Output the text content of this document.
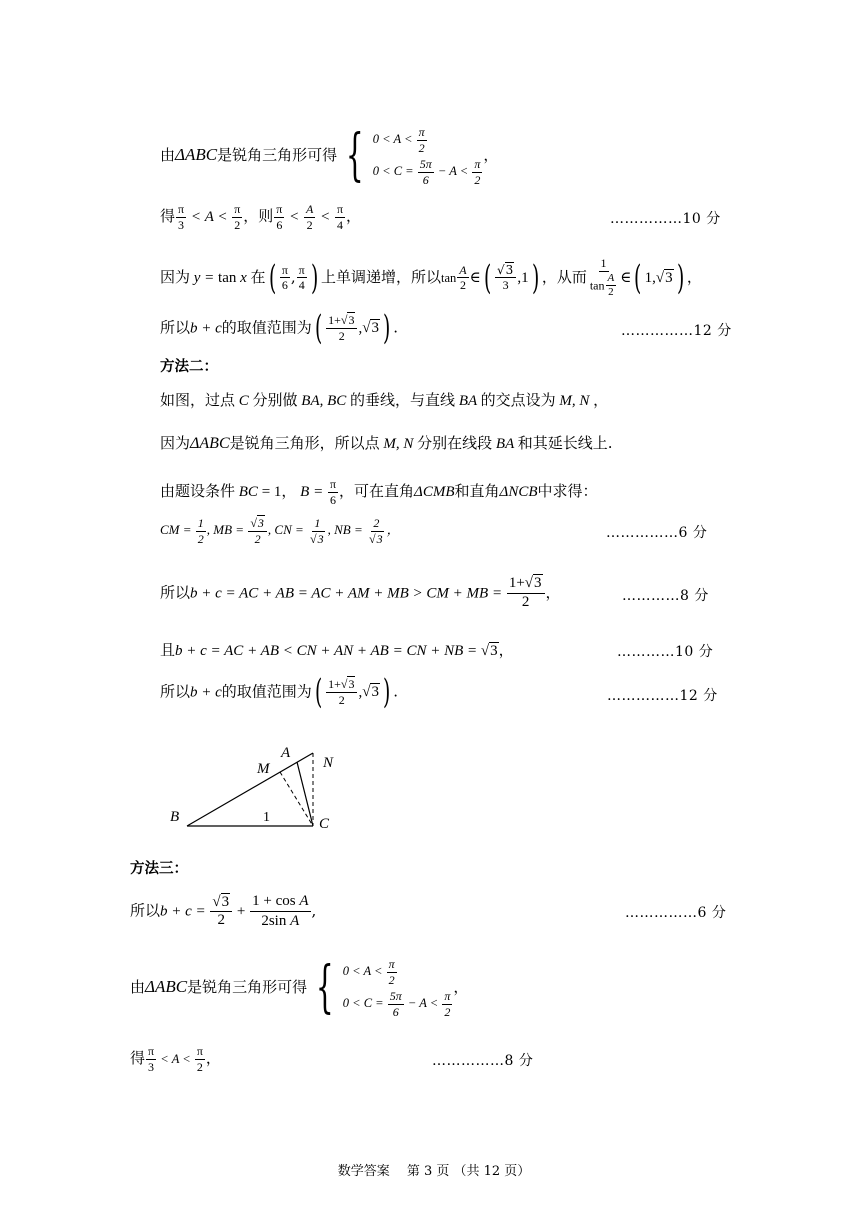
由ΔABC是锐角三角形可得 { $0 < A < \frac{\pi}{2}$
$0 < C = \frac{5\pi}{6} - A < \frac{\pi}{2}$
，
得 $\frac{\pi}{3} < A < \frac{\pi}{2}$ ，则 $\frac{\pi}{6} < \frac{A}{2} < \frac{\pi}{4}$ ，	……………10 分
因为 y = tan x 在( $\frac{\pi}{6}$ , $\frac{\pi}{4}$ ) 上单调递增，所以$\tan \frac{A}{2}$ ∈( $\frac{√3}{3} ,1$) ，从而 $\frac{1}{\tan \frac{A}{2}}$ ∈( 1,√3 ) ，
所以b + c的取值范围为( $\frac{1+√3}{2} ,√3$ ) .	……………12 分
方法二：
如图，过点 C 分别做 BA, BC 的垂线，与直线 BA 的交点设为 M, N ，
因为ΔABC是锐角三角形，所以点 M, N 分别在线段 BA 和其延长线上.
由题设条件 BC = 1， $B = \frac{\pi}{6}$ ，可在直角ΔCMB和直角ΔNCB中求得：
CM = $\frac{1}{2}$ , MB = $\frac{√3}{2}$ , CN = $\frac{1}{√3}$ , NB = $\frac{2}{√3}$ ，	……………6 分
所以b + c = AC + AB = AC + AM + MB > CM + MB = $\frac{1+√3}{2}$ ，	…………8 分
且b + c = AC + AB < CN + AN + AB = CN + NB = √3，	…………10 分
所以b + c的取值范围为( $\frac{1+√3}{2} ,√3$ ) .	……………12 分
B	C
A
M	N
1
方法三：
所以$b + c = \frac{√3}{2} + \frac{\text{1 + cos A}}{\text{2sin A}}$ ,	……………6 分
由ΔABC是锐角三角形可得 { $0 < A < \frac{\pi}{2}$
$0 < C = \frac{5\pi}{6} - A < \frac{\pi}{2}$
，
得 $\frac{\pi}{3} < A < \frac{\pi}{2}$ ，	……………8 分
数学答案　 第 3 页 （共 12 页）
